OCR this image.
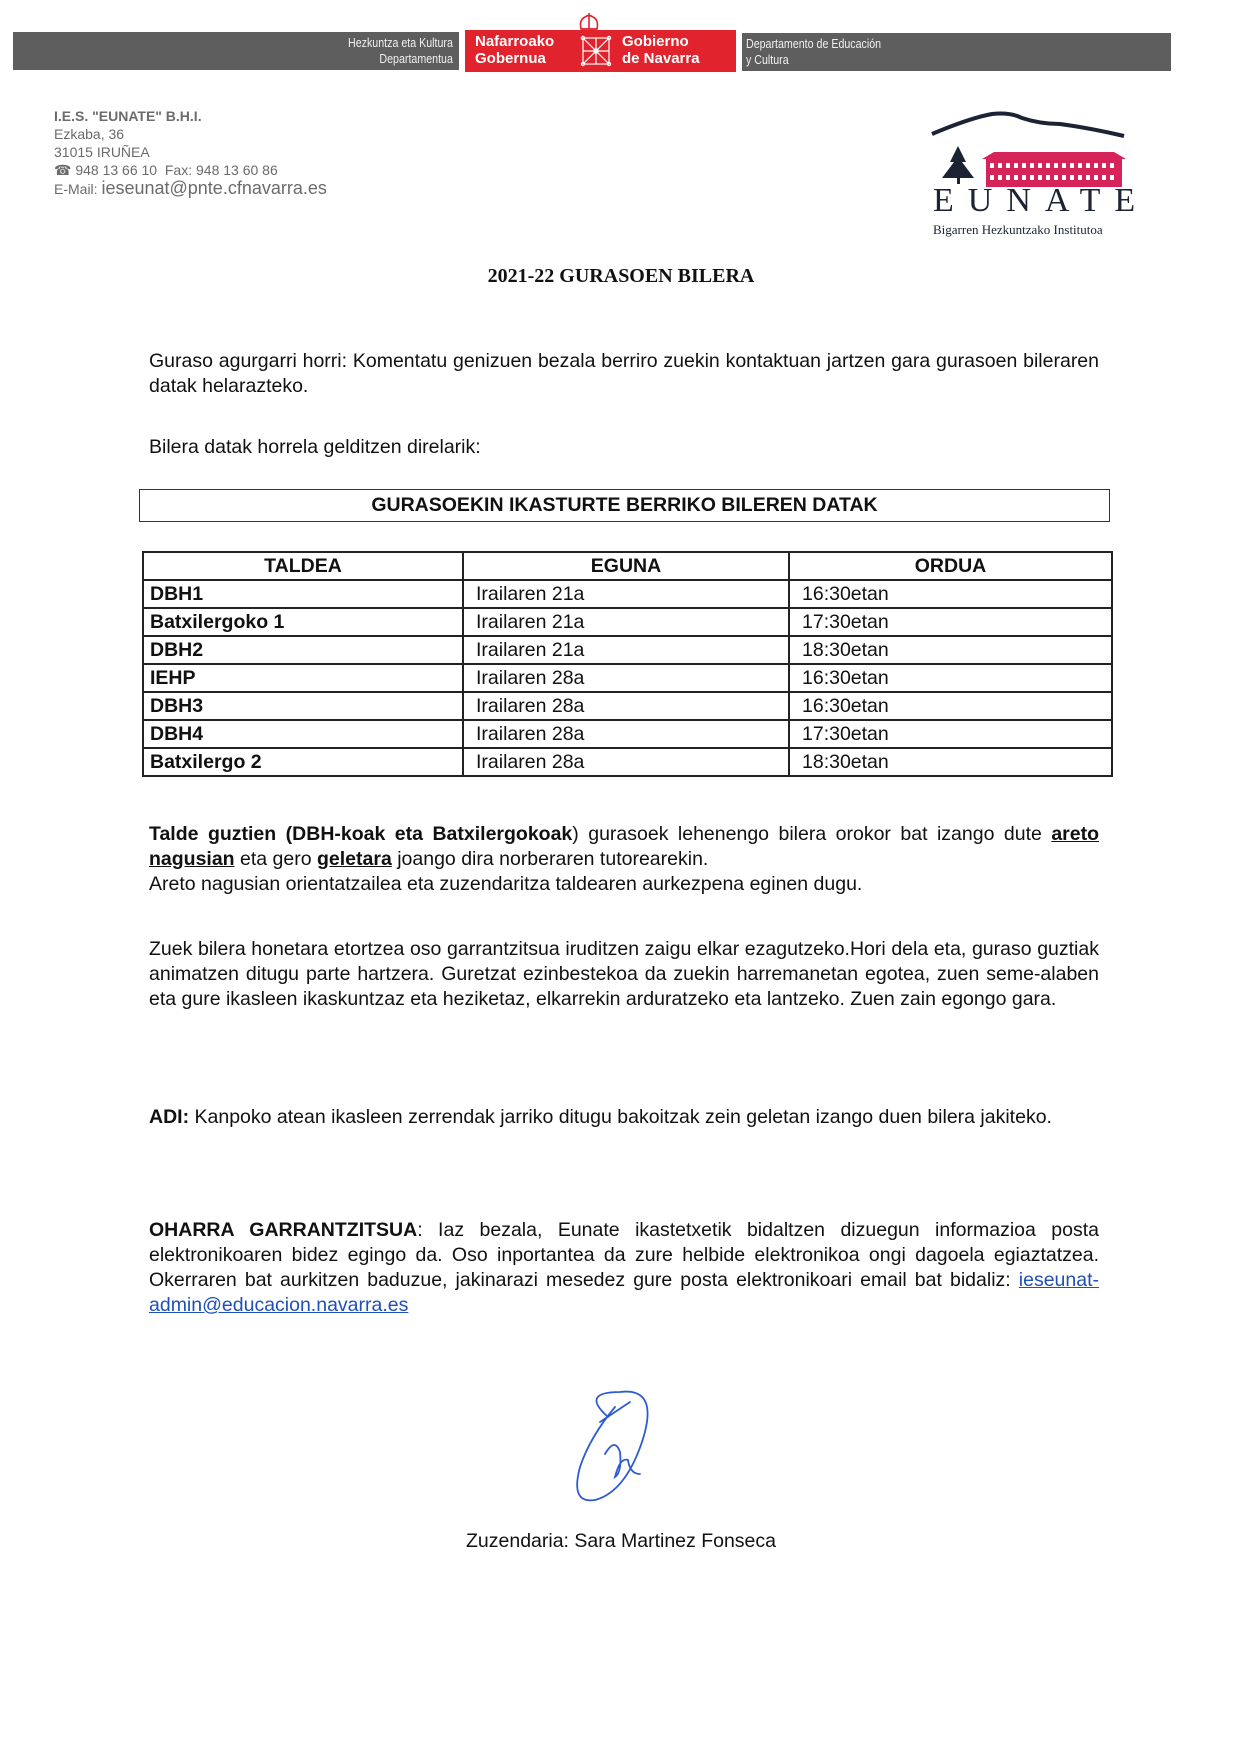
Hezkuntza eta Kultura
Departamentua
Nafarroako
Gobernua
Gobierno
de Navarra
Departamento de Educación
y Cultura
I.E.S. "EUNATE" B.H.I.
Ezkaba, 36
31015 IRUÑEA
☎ 948 13 66 10 Fax: 948 13 60 86
E-Mail: ieseunat@pnte.cfnavarra.es	EUNATE
Bigarren Hezkuntzako Institutoa
2021-22 GURASOEN BILERA
Guraso agurgarri horri: Komentatu genizuen bezala berriro zuekin kontaktuan jartzen gara gurasoen bileraren datak helarazteko.
Bilera datak horrela gelditzen direlarik:
GURASOEKIN IKASTURTE BERRIKO BILEREN DATAK
TALDEA	EGUNA	ORDUA
DBH1	Irailaren 21a	16:30etan
Batxilergoko 1	Irailaren 21a	17:30etan
DBH2	Irailaren 21a	18:30etan
IEHP	Irailaren 28a	16:30etan
DBH3	Irailaren 28a	16:30etan
DBH4	Irailaren 28a	17:30etan
Batxilergo 2	Irailaren 28a	18:30etan
Talde guztien (DBH-koak eta Batxilergokoak) gurasoek lehenengo bilera orokor bat izango dute areto nagusian eta gero geletara joango dira norberaren tutorearekin.
Areto nagusian orientatzailea eta zuzendaritza taldearen aurkezpena eginen dugu.
Zuek bilera honetara etortzea oso garrantzitsua iruditzen zaigu elkar ezagutzeko.Hori dela eta, guraso guztiak animatzen ditugu parte hartzera. Guretzat ezinbestekoa da zuekin harremanetan egotea, zuen seme-alaben eta gure ikasleen ikaskuntzaz eta heziketaz, elkarrekin arduratzeko eta lantzeko. Zuen zain egongo gara.
ADI: Kanpoko atean ikasleen zerrendak jarriko ditugu bakoitzak zein geletan izango duen bilera jakiteko.
OHARRA GARRANTZITSUA: Iaz bezala, Eunate ikastetxetik bidaltzen dizuegun informazioa posta elektronikoaren bidez egingo da. Oso inportantea da zure helbide elektronikoa ongi dagoela egiaztatzea. Okerraren bat aurkitzen baduzue, jakinarazi mesedez gure posta elektronikoari email bat bidaliz: ieseunat-admin@educacion.navarra.es
Zuzendaria: Sara Martinez Fonseca
